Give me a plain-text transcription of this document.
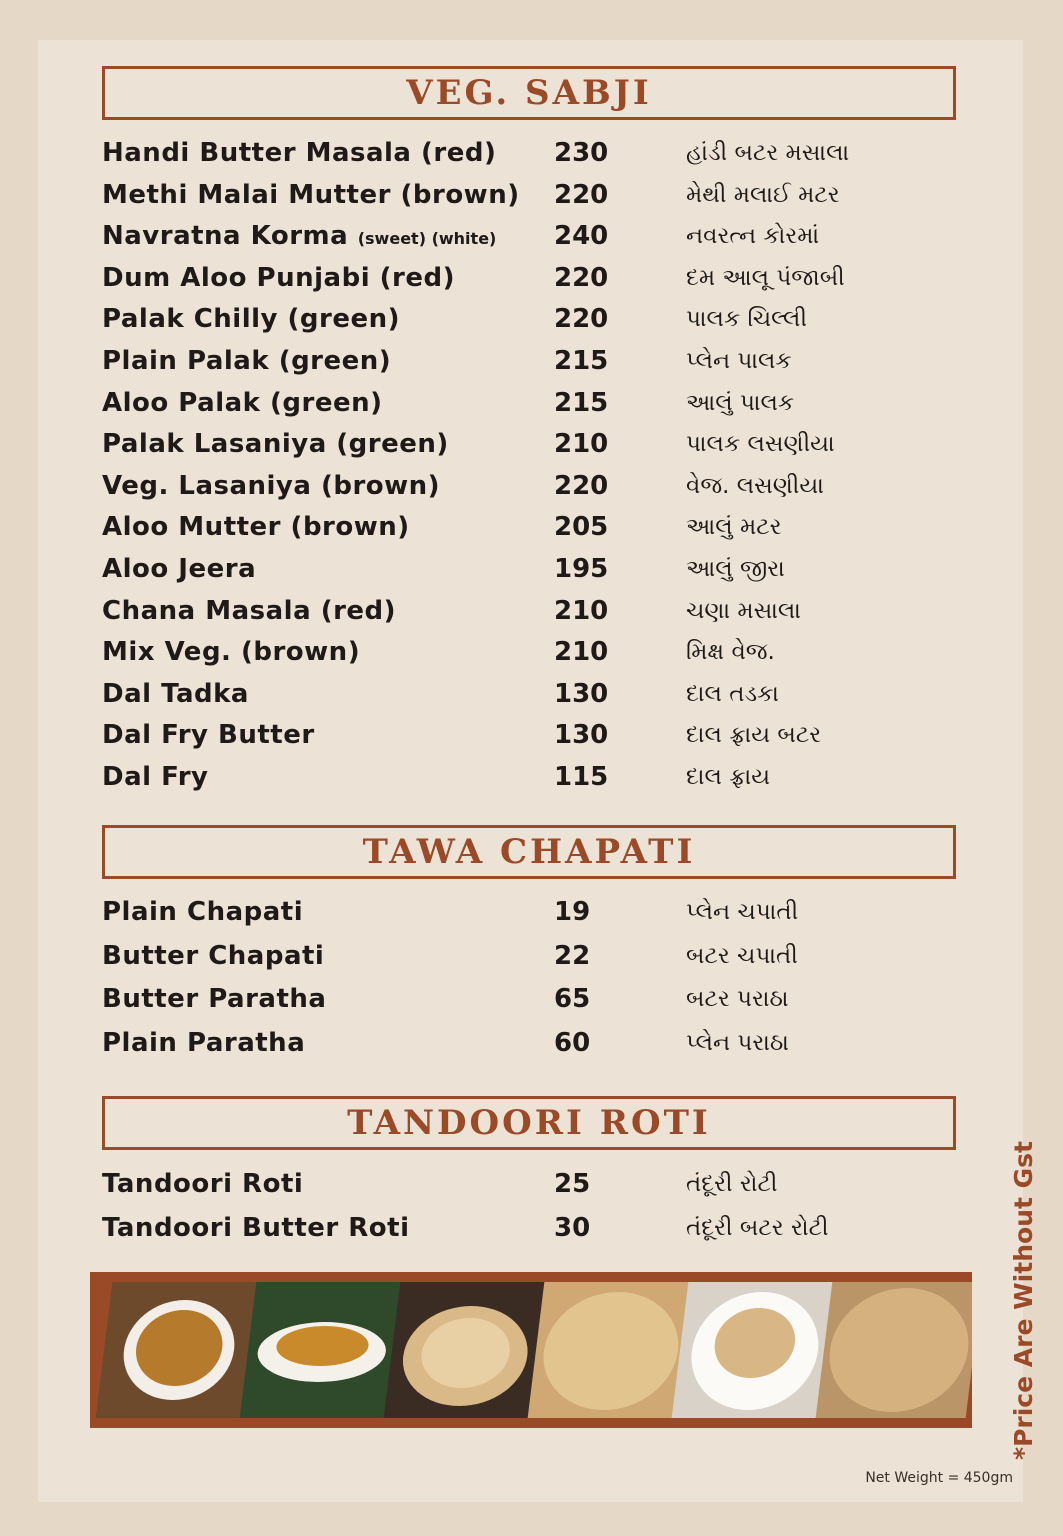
VEG. SABJI
Handi Butter Masala (red) 230	હાંડી બટર મસાલા
Methi Malai Mutter (brown) 220	મેથી મલાઈ મટર
Navratna Korma (sweet) (white) 240	નવરત્ન કોરમાં
Dum Aloo Punjabi (red)	220	દમ આલૂ પંજાબી
Palak Chilly (green)	220	પાલક ચિલ્લી
Plain Palak (green)	215	પ્લેન પાલક
Aloo Palak (green)	215	આલું પાલક
Palak Lasaniya (green)	210	પાલક લસણીયા
Veg. Lasaniya (brown)	220	વેજ. લસણીયા
Aloo Mutter (brown)	205	આલું મટર
Aloo Jeera	195	આલું જીરા
Chana Masala (red)	210	ચણા મસાલા
Mix Veg. (brown)	210	મિક્ષ વેજ.
Dal Tadka	130	દાલ તડકા
Dal Fry Butter	130	દાલ ફ્રાય બટર
Dal Fry	115	દાલ ફ્રાય
TAWA CHAPATI
Plain Chapati	19	પ્લેન ચપાતી
Butter Chapati	22	બટર ચપાતી
Butter Paratha	65	બટર પરાઠા
Plain Paratha	60	પ્લેન પરાઠા
TANDOORI ROTI
Tandoori Roti	25	તંદૂરી રોટી
Tandoori Butter Roti	30	તંદૂરી બટર રોટી	*Price Are Without Gst
Net Weight = 450gm
